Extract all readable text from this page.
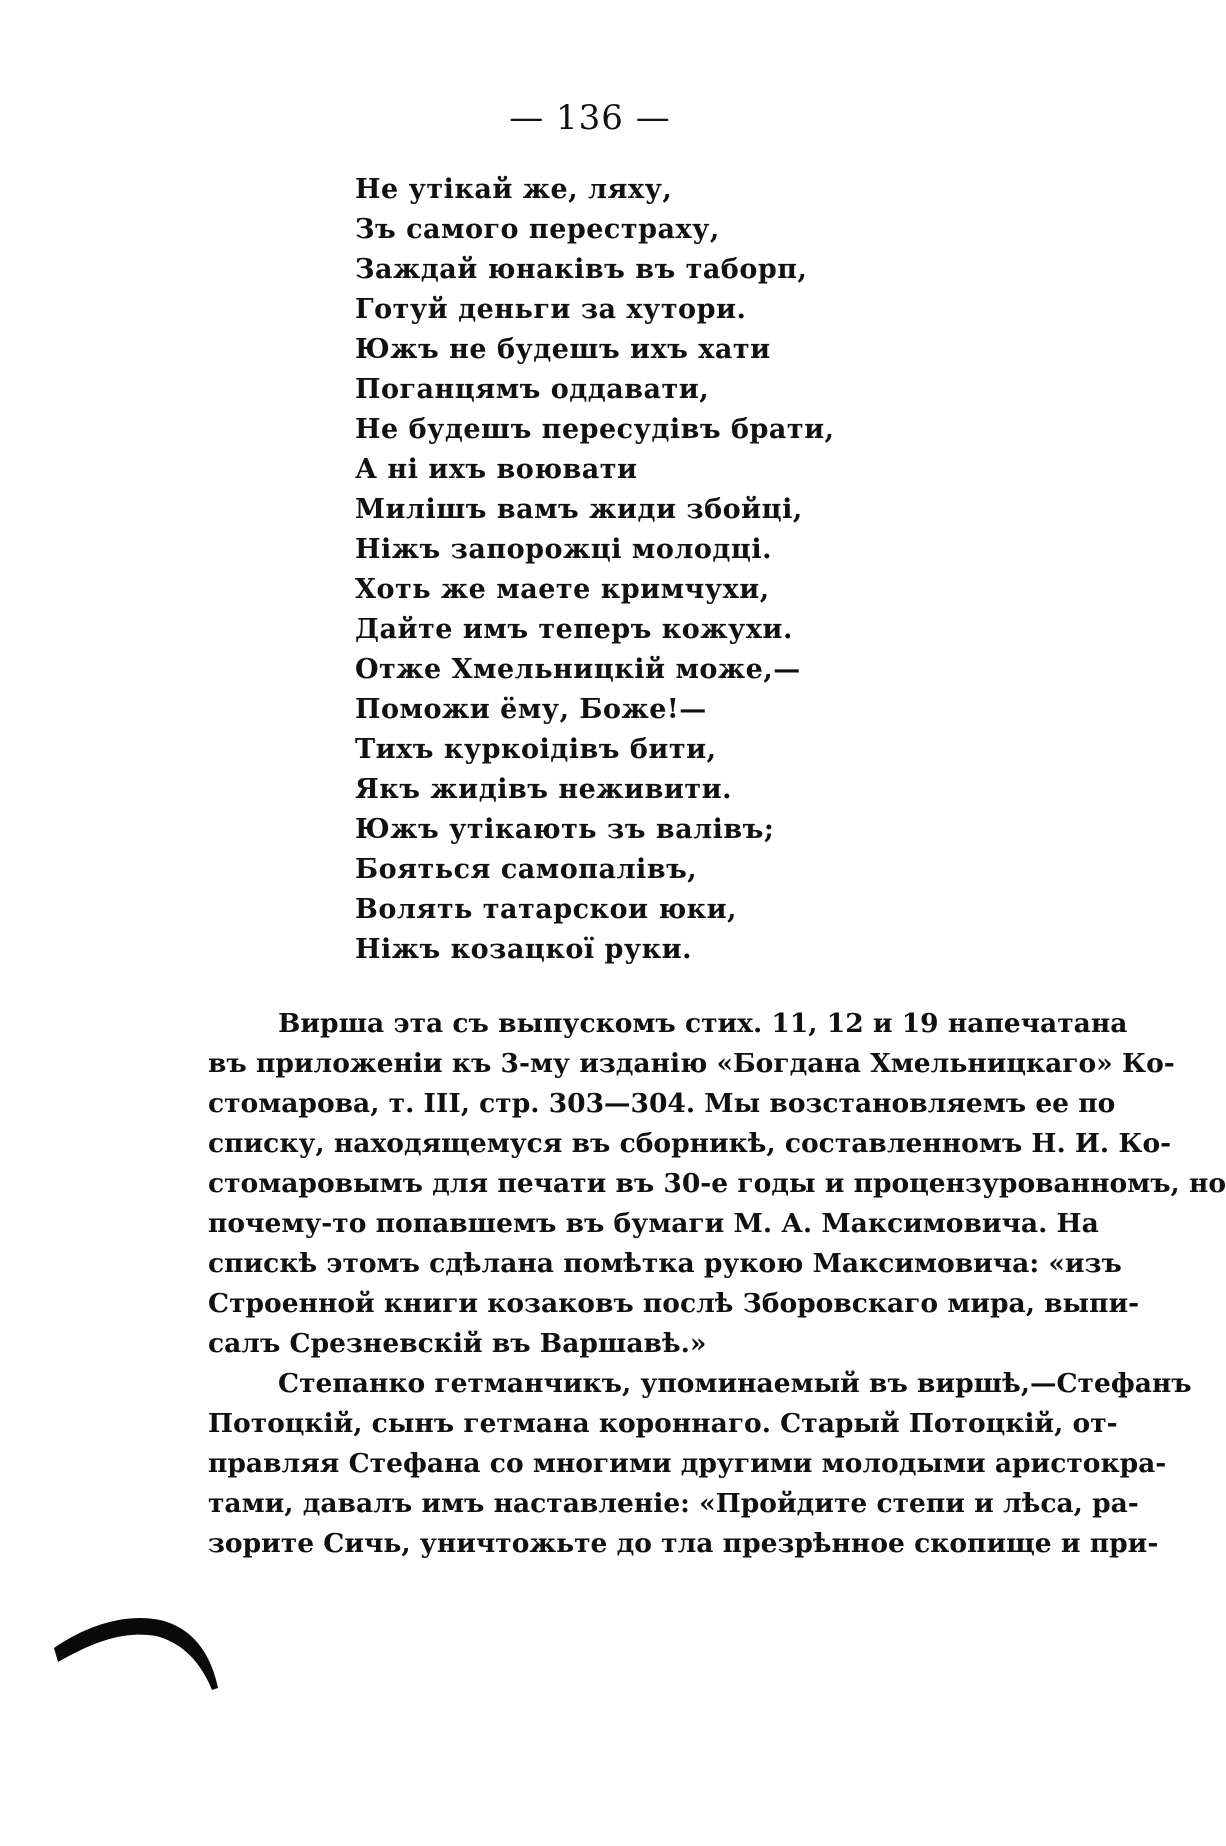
— 136 —
Не утікай же, ляху,
Зъ самого перестраху,
Заждай юнаківъ въ таборп,
Готуй деньги за хутори.
Южъ не будешъ ихъ хати
Поганцямъ оддавати,
Не будешъ пересудівъ брати,
А ні ихъ воювати
Милішъ вамъ жиди збойці,
Ніжъ запорожці молодці.
Хоть же маете кримчухи,
Дайте имъ теперъ кожухи.
Отже Хмельницкій може,—
Поможи ёму, Боже!—
Тихъ куркоідівъ бити,
Якъ жидівъ неживити.
Южъ утікають зъ валівъ;
Бояться самопалівъ,
Волять татарскои юки,
Ніжъ козацкої руки.
Вирша эта съ выпускомъ стих. 11, 12 и 19 напечатана
въ приложеніи къ 3-му изданію «Богдана Хмельницкаго» Ко-
стомарова, т. III, стр. 303—304. Мы возстановляемъ ее по
списку, находящемуся въ сборникѣ, составленномъ Н. И. Ко-
стомаровымъ для печати въ 30-е годы и процензурованномъ, но
почему-то попавшемъ въ бумаги М. А. Максимовича. На
спискѣ этомъ сдѣлана помѣтка рукою Максимовича: «изъ
Строенной книги козаковъ послѣ Зборовскаго мира, выпи-
салъ Срезневскій въ Варшавѣ.»
Степанко гетманчикъ, упоминаемый въ виршѣ,—Стефанъ
Потоцкій, сынъ гетмана короннаго. Старый Потоцкій, от-
правляя Стефана со многими другими молодыми аристокра-
тами, давалъ имъ наставленіе: «Пройдите степи и лѣса, ра-
зорите Сичь, уничтожьте до тла презрѣнное скопище и при-
